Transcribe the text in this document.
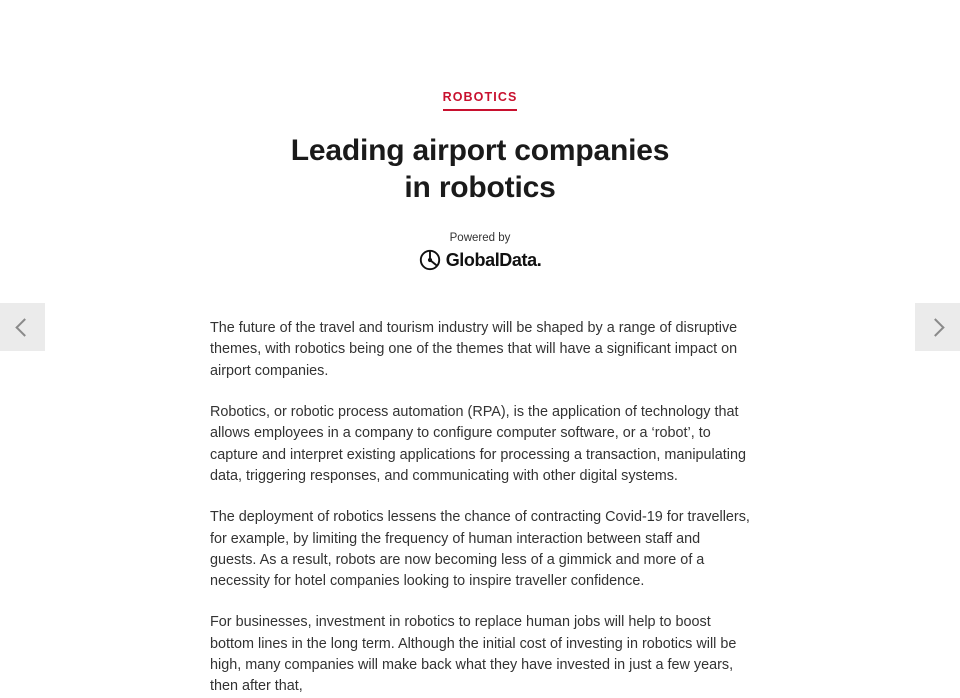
ROBOTICS
Leading airport companies
in robotics
Powered by
GlobalData.

The future of the travel and tourism industry will be shaped by a range of disruptive themes, with robotics being one of the themes that will have a significant impact on airport companies.

Robotics, or robotic process automation (RPA), is the application of technology that allows employees in a company to configure computer software, or a ‘robot’, to capture and interpret existing applications for processing a transaction, manipulating data, triggering responses, and communicating with other digital systems.

The deployment of robotics lessens the chance of contracting Covid-19 for travellers, for example, by limiting the frequency of human interaction between staff and guests. As a result, robots are now becoming less of a gimmick and more of a necessity for hotel companies looking to inspire traveller confidence.

For businesses, investment in robotics to replace human jobs will help to boost bottom lines in the long term. Although the initial cost of investing in robotics will be high, many companies will make back what they have invested in just a few years, then after that,
